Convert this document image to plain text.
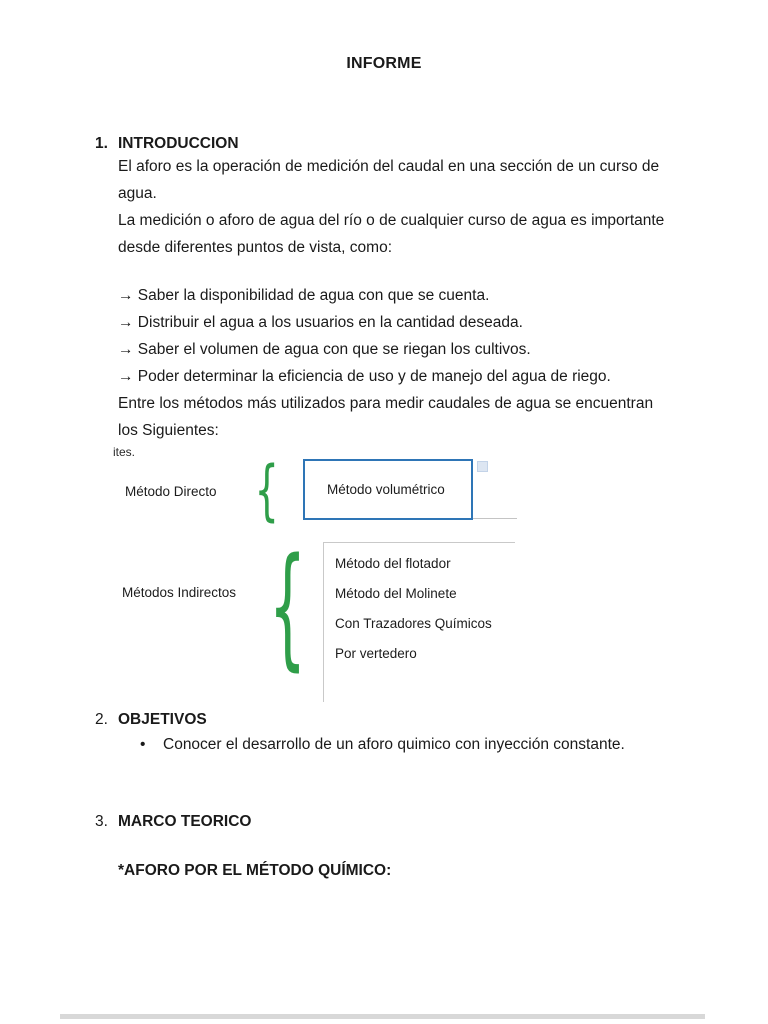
INFORME
1. INTRODUCCION
El aforo es la operación de medición del caudal en una sección de un curso de agua.
La medición o aforo de agua del río o de cualquier curso de agua es importante desde diferentes puntos de vista, como:
→ Saber la disponibilidad de agua con que se cuenta.
→ Distribuir el agua a los usuarios en la cantidad deseada.
→ Saber el volumen de agua con que se riegan los cultivos.
→ Poder determinar la eficiencia de uso y de manejo del agua de riego.
Entre los métodos más utilizados para medir caudales de agua se encuentran los Siguientes:
ites.
Método Directo {	Método volumétrico
Métodos Indirectos { Método del flotador
Método del Molinete
Con Trazadores Químicos
Por vertedero
2. OBJETIVOS
•	Conocer el desarrollo de un aforo quimico con inyección constante.
3. MARCO TEORICO
*AFORO POR EL MÉTODO QUÍMICO:
